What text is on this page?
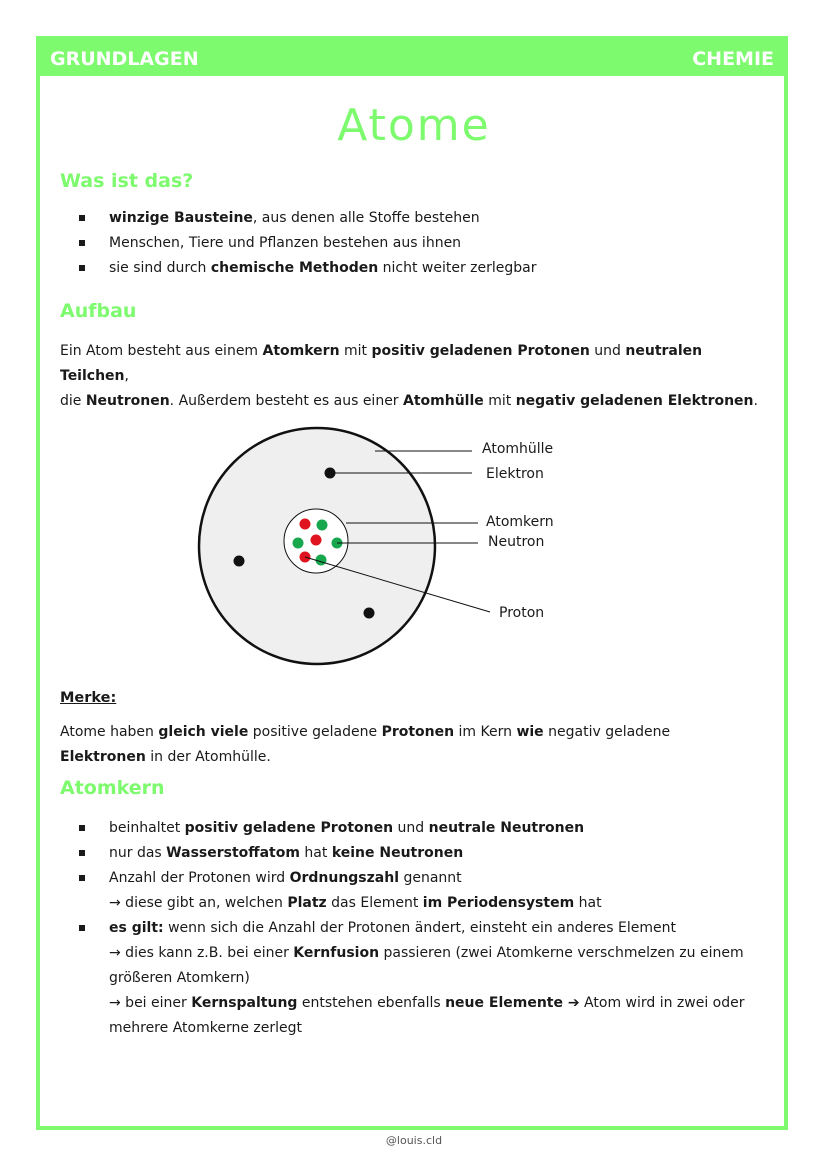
GRUNDLAGEN	CHEMIE
Atome
Was ist das?
winzige Bausteine, aus denen alle Stoffe bestehen
Menschen, Tiere und Pflanzen bestehen aus ihnen
sie sind durch chemische Methoden nicht weiter zerlegbar
Aufbau
Ein Atom besteht aus einem Atomkern mit positiv geladenen Protonen und neutralen Teilchen,
die Neutronen. Außerdem besteht es aus einer Atomhülle mit negativ geladenen Elektronen.
Atomhülle
Elektron
Atomkern
Neutron
Proton
Merke:
Atome haben gleich viele positive geladene Protonen im Kern wie negativ geladene
Elektronen in der Atomhülle.
Atomkern
beinhaltet positiv geladene Protonen und neutrale Neutronen
nur das Wasserstoffatom hat keine Neutronen
Anzahl der Protonen wird Ordnungszahl genannt
→ diese gibt an, welchen Platz das Element im Periodensystem hat
es gilt: wenn sich die Anzahl der Protonen ändert, einsteht ein anderes Element
→ dies kann z.B. bei einer Kernfusion passieren (zwei Atomkerne verschmelzen zu einem
größeren Atomkern)
→ bei einer Kernspaltung entstehen ebenfalls neue Elemente ➔ Atom wird in zwei oder
mehrere Atomkerne zerlegt
@louis.cld
